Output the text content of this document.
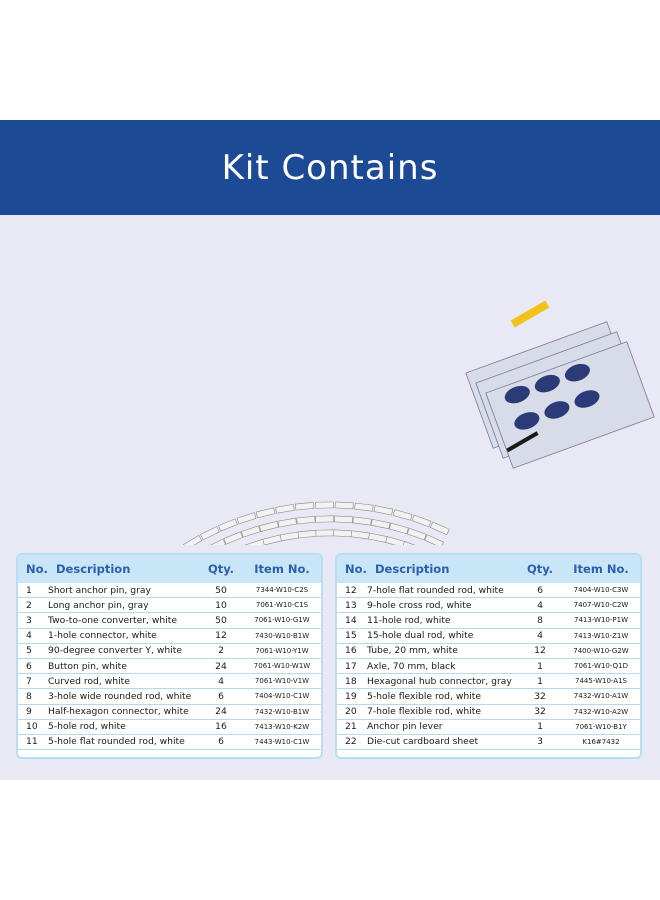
Kit Contains
No. Description	Qty.	Item No.
1	Short anchor pin, gray	50	7344-W10-C2S
2	Long anchor pin, gray	10	7061-W10-C1S
3	Two-to-one converter, white	50	7061-W10-G1W
4	1-hole connector, white	12	7430-W10-B1W
5	90-degree converter Y, white	2	7061-W10-Y1W
6	Button pin, white	24	7061-W10-W1W
7	Curved rod, white	4	7061-W10-V1W
8	3-hole wide rounded rod, white	6	7404-W10-C1W
9	Half-hexagon connector, white	24	7432-W10-B1W
10	5-hole rod, white	16	7413-W10-K2W
11	5-hole flat rounded rod, white	6	7443-W10-C1W
No. Description	Qty.	Item No.
12	7-hole flat rounded rod, white	6	7404-W10-C3W
13	9-hole cross rod, white	4	7407-W10-C2W
14	11-hole rod, white	8	7413-W10-P1W
15	15-hole dual rod, white	4	7413-W10-Z1W
16	Tube, 20 mm, white	12	7400-W10-G2W
17	Axle, 70 mm, black	1	7061-W10-Q1D
18	Hexagonal hub connector, gray	1	7445-W10-A1S
19	5-hole flexible rod, white	32	7432-W10-A1W
20	7-hole flexible rod, white	32	7432-W10-A2W
21	Anchor pin lever	1	7061-W10-B1Y
22	Die-cut cardboard sheet	3	K16#7432
